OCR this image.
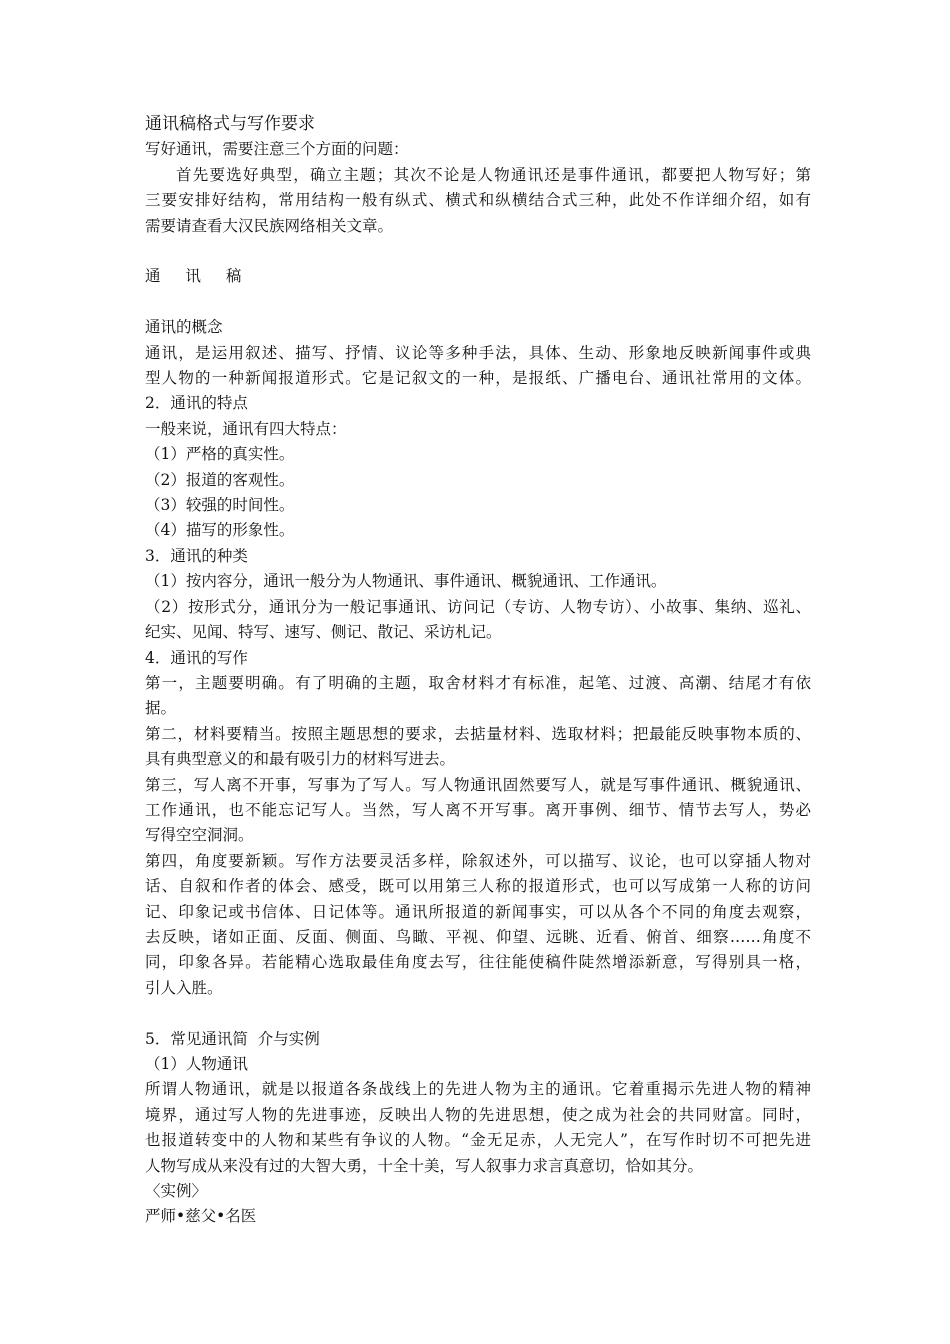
通讯稿格式与写作要求
写好通讯，需要注意三个方面的问题：
首先要选好典型，确立主题；其次不论是人物通讯还是事件通讯，都要把人物写好；第
三要安排好结构，常用结构一般有纵式、横式和纵横结合式三种，此处不作详细介绍，如有
需要请查看大汉民族网络相关文章。
通 讯 稿
通讯的概念
通讯，是运用叙述、描写、抒情、议论等多种手法，具体、生动、形象地反映新闻事件或典
型人物的一种新闻报道形式。它是记叙文的一种，是报纸、广播电台、通讯社常用的文体。
2．通讯的特点
一般来说，通讯有四大特点：
（1）严格的真实性。
（2）报道的客观性。
（3）较强的时间性。
（4）描写的形象性。
3．通讯的种类
（1）按内容分，通讯一般分为人物通讯、事件通讯、概貌通讯、工作通讯。
（2）按形式分，通讯分为一般记事通讯、访问记（专访、人物专访）、小故事、集纳、巡礼、
纪实、见闻、特写、速写、侧记、散记、采访札记。
4．通讯的写作
第一，主题要明确。有了明确的主题，取舍材料才有标准，起笔、过渡、高潮、结尾才有依
据。
第二，材料要精当。按照主题思想的要求，去掂量材料、选取材料；把最能反映事物本质的、
具有典型意义的和最有吸引力的材料写进去。
第三，写人离不开事，写事为了写人。写人物通讯固然要写人，就是写事件通讯、概貌通讯、
工作通讯，也不能忘记写人。当然，写人离不开写事。离开事例、细节、情节去写人，势必
写得空空洞洞。
第四，角度要新颖。写作方法要灵活多样，除叙述外，可以描写、议论，也可以穿插人物对
话、自叙和作者的体会、感受，既可以用第三人称的报道形式，也可以写成第一人称的访问
记、印象记或书信体、日记体等。通讯所报道的新闻事实，可以从各个不同的角度去观察，
去反映，诸如正面、反面、侧面、鸟瞰、平视、仰望、远眺、近看、俯首、细察……角度不
同，印象各异。若能精心选取最佳角度去写，往往能使稿件陡然增添新意，写得别具一格，
引人入胜。
5．常见通讯简  介与实例
（1）人物通讯
所谓人物通讯，就是以报道各条战线上的先进人物为主的通讯。它着重揭示先进人物的精神
境界，通过写人物的先进事迹，反映出人物的先进思想，使之成为社会的共同财富。同时，
也报道转变中的人物和某些有争议的人物。“金无足赤，人无完人”，在写作时切不可把先进
人物写成从来没有过的大智大勇，十全十美，写人叙事力求言真意切，恰如其分。
〈实例〉
严师•慈父•名医
